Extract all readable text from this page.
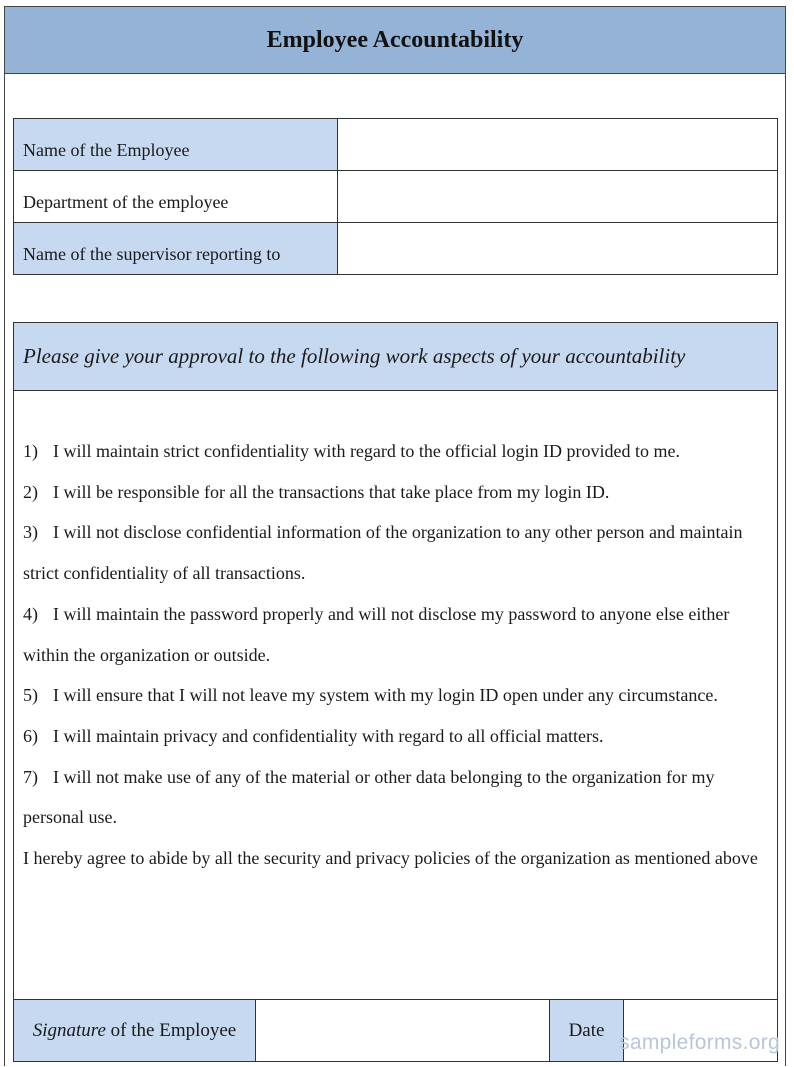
Employee Accountability
Name of the Employee	
Department of the employee	
Name of the supervisor reporting to	
Please give your approval to the following work aspects of your accountability

1) I will maintain strict confidentiality with regard to the official login ID provided to me.

2) I will be responsible for all the transactions that take place from my login ID.

3) I will not disclose confidential information of the organization to any other person and maintain strict confidentiality of all transactions.

4) I will maintain the password properly and will not disclose my password to anyone else either within the organization or outside.

5) I will ensure that I will not leave my system with my login ID open under any circumstance.

6) I will maintain privacy and confidentiality with regard to all official matters.

7) I will not make use of any of the material or other data belonging to the organization for my personal use.

I hereby agree to abide by all the security and privacy policies of the organization as mentioned above

Signature of the Employee	Date
sampleforms.org
